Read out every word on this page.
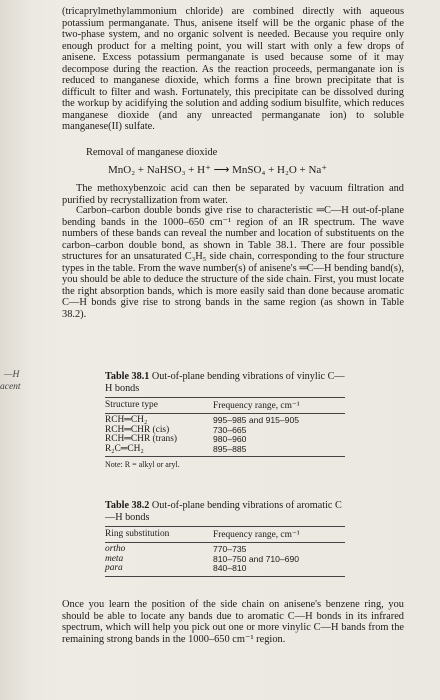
(tricaprylmethylammonium chloride) are combined directly with aqueous potassium permanganate. Thus, anisene itself will be the organic phase of the two-phase system, and no organic solvent is needed. Because you require only enough product for a melting point, you will start with only a few drops of anisene. Excess potassium permanganate is used because some of it may decompose during the reaction. As the reaction proceeds, permanganate ion is reduced to manganese dioxide, which forms a fine brown precipitate that is difficult to filter and wash. Fortunately, this precipitate can be dissolved during the workup by acidifying the solution and adding sodium bisulfite, which reduces manganese dioxide (and any unreacted permanganate ion) to soluble manganese(II) sulfate.

Removal of manganese dioxide
MnO₂ + NaHSO₃ + H⁺ ⟶ MnSO₄ + H₂O + Na⁺

The methoxybenzoic acid can then be separated by vacuum filtration and purified by recrystallization from water.

Carbon–carbon double bonds give rise to characteristic ═C—H out-of-plane bending bands in the 1000–650 cm⁻¹ region of an IR spectrum. The wave numbers of these bands can reveal the number and location of substituents on the carbon–carbon double bond, as shown in Table 38.1. There are four possible structures for an unsaturated C₃H₅ side chain, corresponding to the four structure types in the table. From the wave number(s) of anisene's ═C—H bending band(s), you should be able to deduce the structure of the side chain. First, you must locate the right absorption bands, which is more easily said than done because aromatic C—H bonds give rise to strong bands in the same region (as shown in Table 38.2).

—H
acent
Table 38.1 Out-of-plane bending vibrations of vinylic C—H bonds
Structure type	Frequency range, cm⁻¹
RCH═CH₂	995–985 and 915–905
RCH═CHR (cis)	730–665
RCH═CHR (trans)	980–960
R₂C═CH₂	895–885
Note: R = alkyl or aryl.
Table 38.2 Out-of-plane bending vibrations of aromatic C—H bonds
Ring substitution	Frequency range, cm⁻¹
ortho	770–735
meta	810–750 and 710–690
para	840–810

Once you learn the position of the side chain on anisene's benzene ring, you should be able to locate any bands due to aromatic C—H bonds in its infrared spectrum, which will help you pick out one or more vinylic C—H bands from the remaining strong bands in the 1000–650 cm⁻¹ region.
